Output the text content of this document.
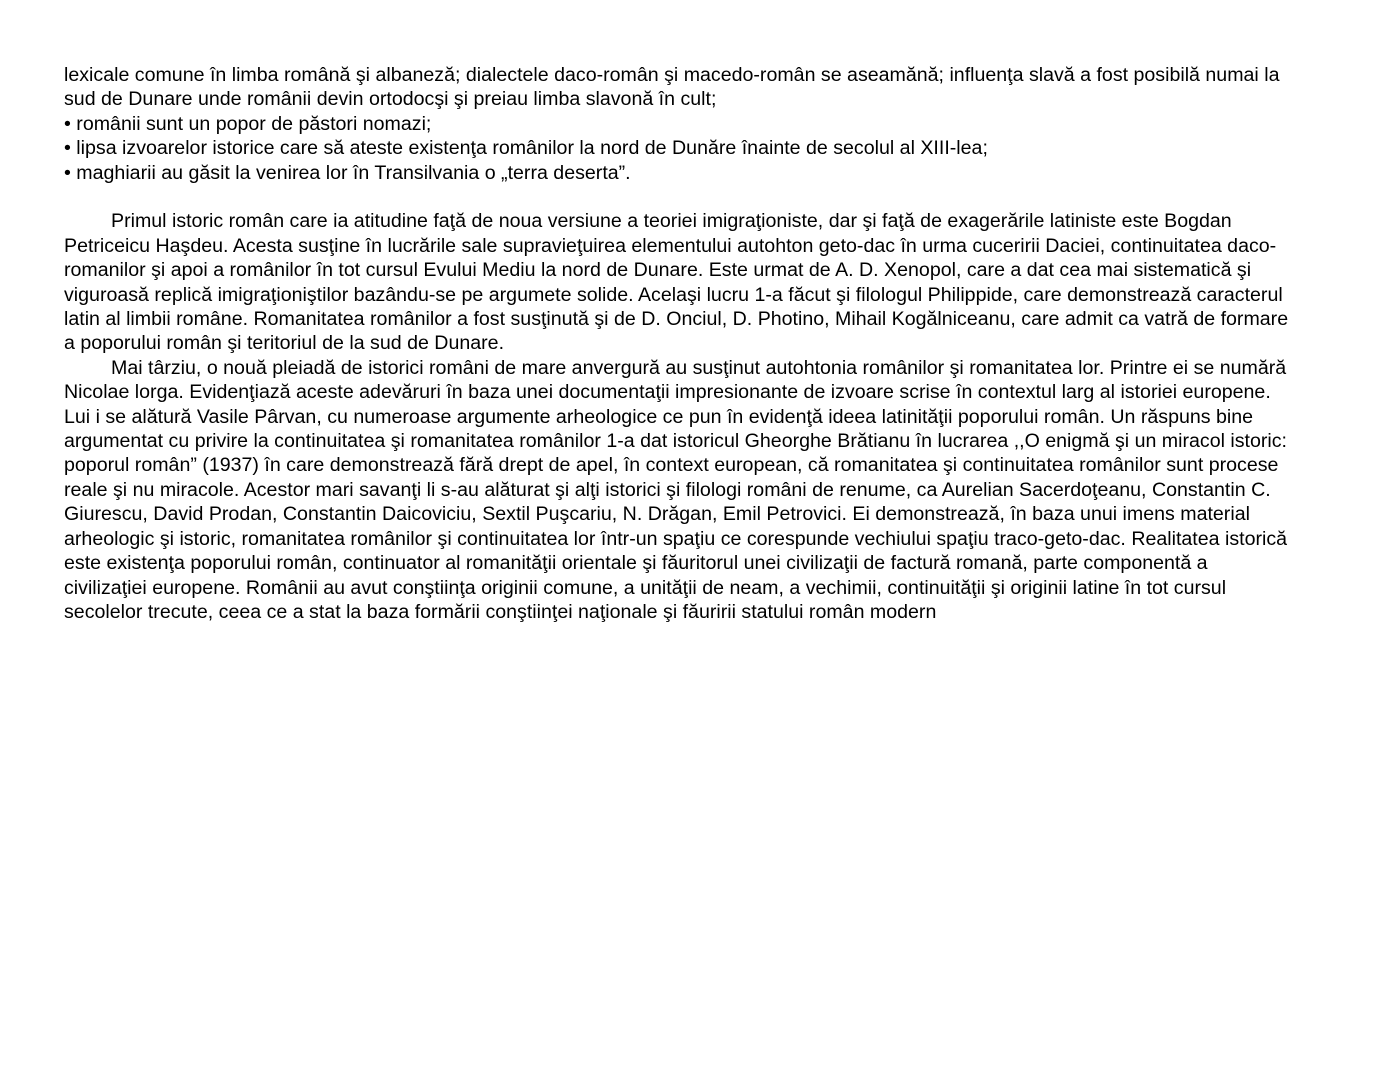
lexicale comune în limba română şi albaneză; dialectele daco-român şi macedo-român se aseamănă; influenţa slavă a fost posibilă numai la
sud de Dunare unde românii devin ortodocşi şi preiau limba slavonă în cult;
• românii sunt un popor de păstori nomazi;
• lipsa izvoarelor istorice care să ateste existenţa românilor la nord de Dunăre înainte de secolul al XIII-lea;
• maghiarii au găsit la venirea lor în Transilvania o „terra deserta”.
Primul istoric român care ia atitudine faţă de noua versiune a teoriei imigraţioniste, dar şi faţă de exagerările latiniste este Bogdan
Petriceicu Haşdeu. Acesta susţine în lucrările sale supravieţuirea elementului autohton geto-dac în urma cuceririi Daciei, continuitatea daco-
romanilor şi apoi a românilor în tot cursul Evului Mediu la nord de Dunare. Este urmat de A. D. Xenopol, care a dat cea mai sistematică şi
viguroasă replică imigraţioniştilor bazându-se pe argumete solide. Acelaşi lucru 1-a făcut şi filologul Philippide, care demonstrează caracterul
latin al limbii române. Romanitatea românilor a fost susţinută şi de D. Onciul, D. Photino, Mihail Kogălniceanu, care admit ca vatră de formare
a poporului român şi teritoriul de la sud de Dunare.
Mai târziu, o nouă pleiadă de istorici români de mare anvergură au susţinut autohtonia românilor şi romanitatea lor. Printre ei se numără
Nicolae lorga. Evidenţiază aceste adevăruri în baza unei documentaţii impresionante de izvoare scrise în contextul larg al istoriei europene.
Lui i se alătură Vasile Pârvan, cu numeroase argumente arheologice ce pun în evidenţă ideea latinităţii poporului român. Un răspuns bine
argumentat cu privire la continuitatea şi romanitatea românilor 1-a dat istoricul Gheorghe Brătianu în lucrarea ,,O enigmă şi un miracol istoric:
poporul român” (1937) în care demonstrează fără drept de apel, în context european, că romanitatea şi continuitatea românilor sunt procese
reale şi nu miracole. Acestor mari savanţi li s-au alăturat şi alţi istorici şi filologi români de renume, ca Aurelian Sacerdoţeanu, Constantin C.
Giurescu, David Prodan, Constantin Daicoviciu, Sextil Puşcariu, N. Drăgan, Emil Petrovici. Ei demonstrează, în baza unui imens material
arheologic şi istoric, romanitatea românilor şi continuitatea lor într-un spaţiu ce corespunde vechiului spaţiu traco-geto-dac. Realitatea istorică
este existenţa poporului român, continuator al romanităţii orientale şi făuritorul unei civilizaţii de factură romană, parte componentă a
civilizaţiei europene. Românii au avut conştiinţa originii comune, a unităţii de neam, a vechimii, continuităţii şi originii latine în tot cursul
secolelor trecute, ceea ce a stat la baza formării conştiinţei naţionale şi făuririi statului român modern
